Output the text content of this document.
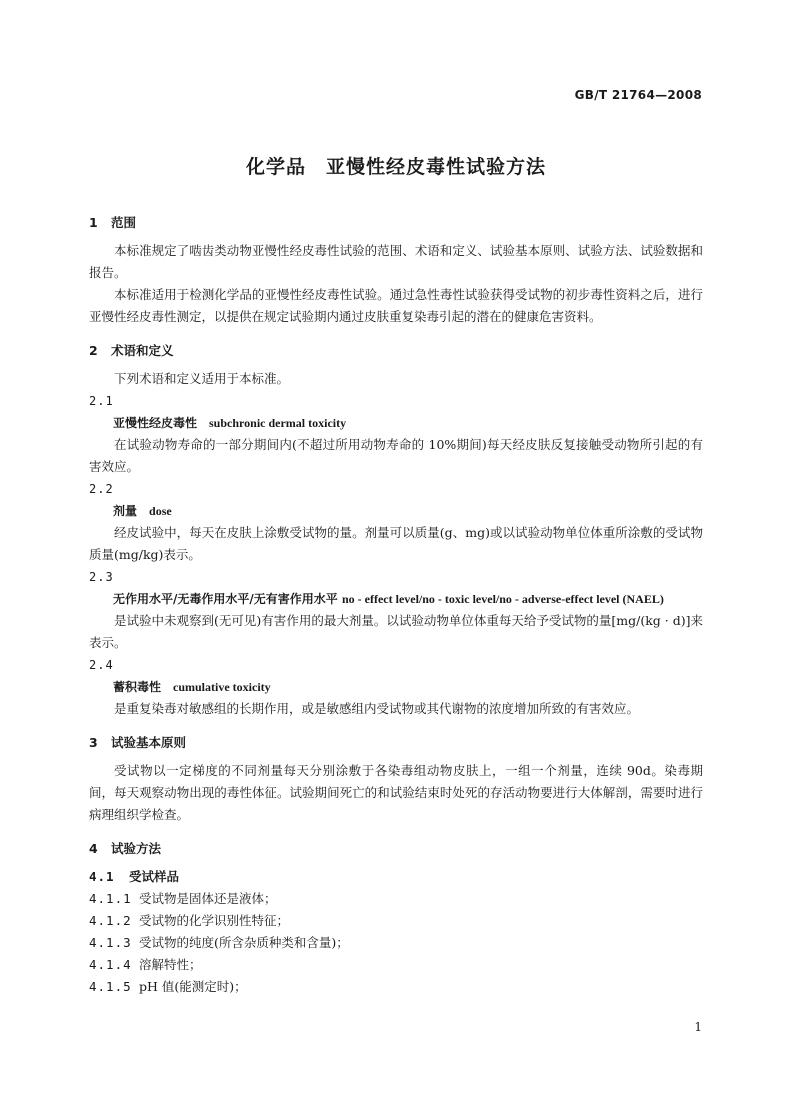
GB/T 21764—2008
化学品　亚慢性经皮毒性试验方法
1 范围
本标准规定了啮齿类动物亚慢性经皮毒性试验的范围、术语和定义、试验基本原则、试验方法、试验数据和报告。
本标准适用于检测化学品的亚慢性经皮毒性试验。通过急性毒性试验获得受试物的初步毒性资料之后，进行亚慢性经皮毒性测定，以提供在规定试验期内通过皮肤重复染毒引起的潜在的健康危害资料。
2 术语和定义
下列术语和定义适用于本标准。
2.1
亚慢性经皮毒性 subchronic dermal toxicity
在试验动物寿命的一部分期间内(不超过所用动物寿命的 10%期间)每天经皮肤反复接触受动物所引起的有害效应。
2.2
剂量 dose
经皮试验中，每天在皮肤上涂敷受试物的量。剂量可以质量(g、mg)或以试验动物单位体重所涂敷的受试物质量(mg/kg)表示。
2.3
无作用水平/无毒作用水平/无有害作用水平 no - effect level/no - toxic level/no - adverse-effect level (NAEL)
是试验中未观察到(无可见)有害作用的最大剂量。以试验动物单位体重每天给予受试物的量[mg/(kg · d)]来表示。
2.4
蓄积毒性 cumulative toxicity
是重复染毒对敏感组的长期作用，或是敏感组内受试物或其代谢物的浓度增加所致的有害效应。
3 试验基本原则
受试物以一定梯度的不同剂量每天分别涂敷于各染毒组动物皮肤上，一组一个剂量，连续 90d。染毒期间，每天观察动物出现的毒性体征。试验期间死亡的和试验结束时处死的存活动物要进行大体解剖，需要时进行病理组织学检查。
4 试验方法
4.1 受试样品
4.1.1 受试物是固体还是液体；
4.1.2 受试物的化学识别性特征；
4.1.3 受试物的纯度(所含杂质种类和含量)；
4.1.4 溶解特性；
4.1.5 pH 值(能测定时)；
1
